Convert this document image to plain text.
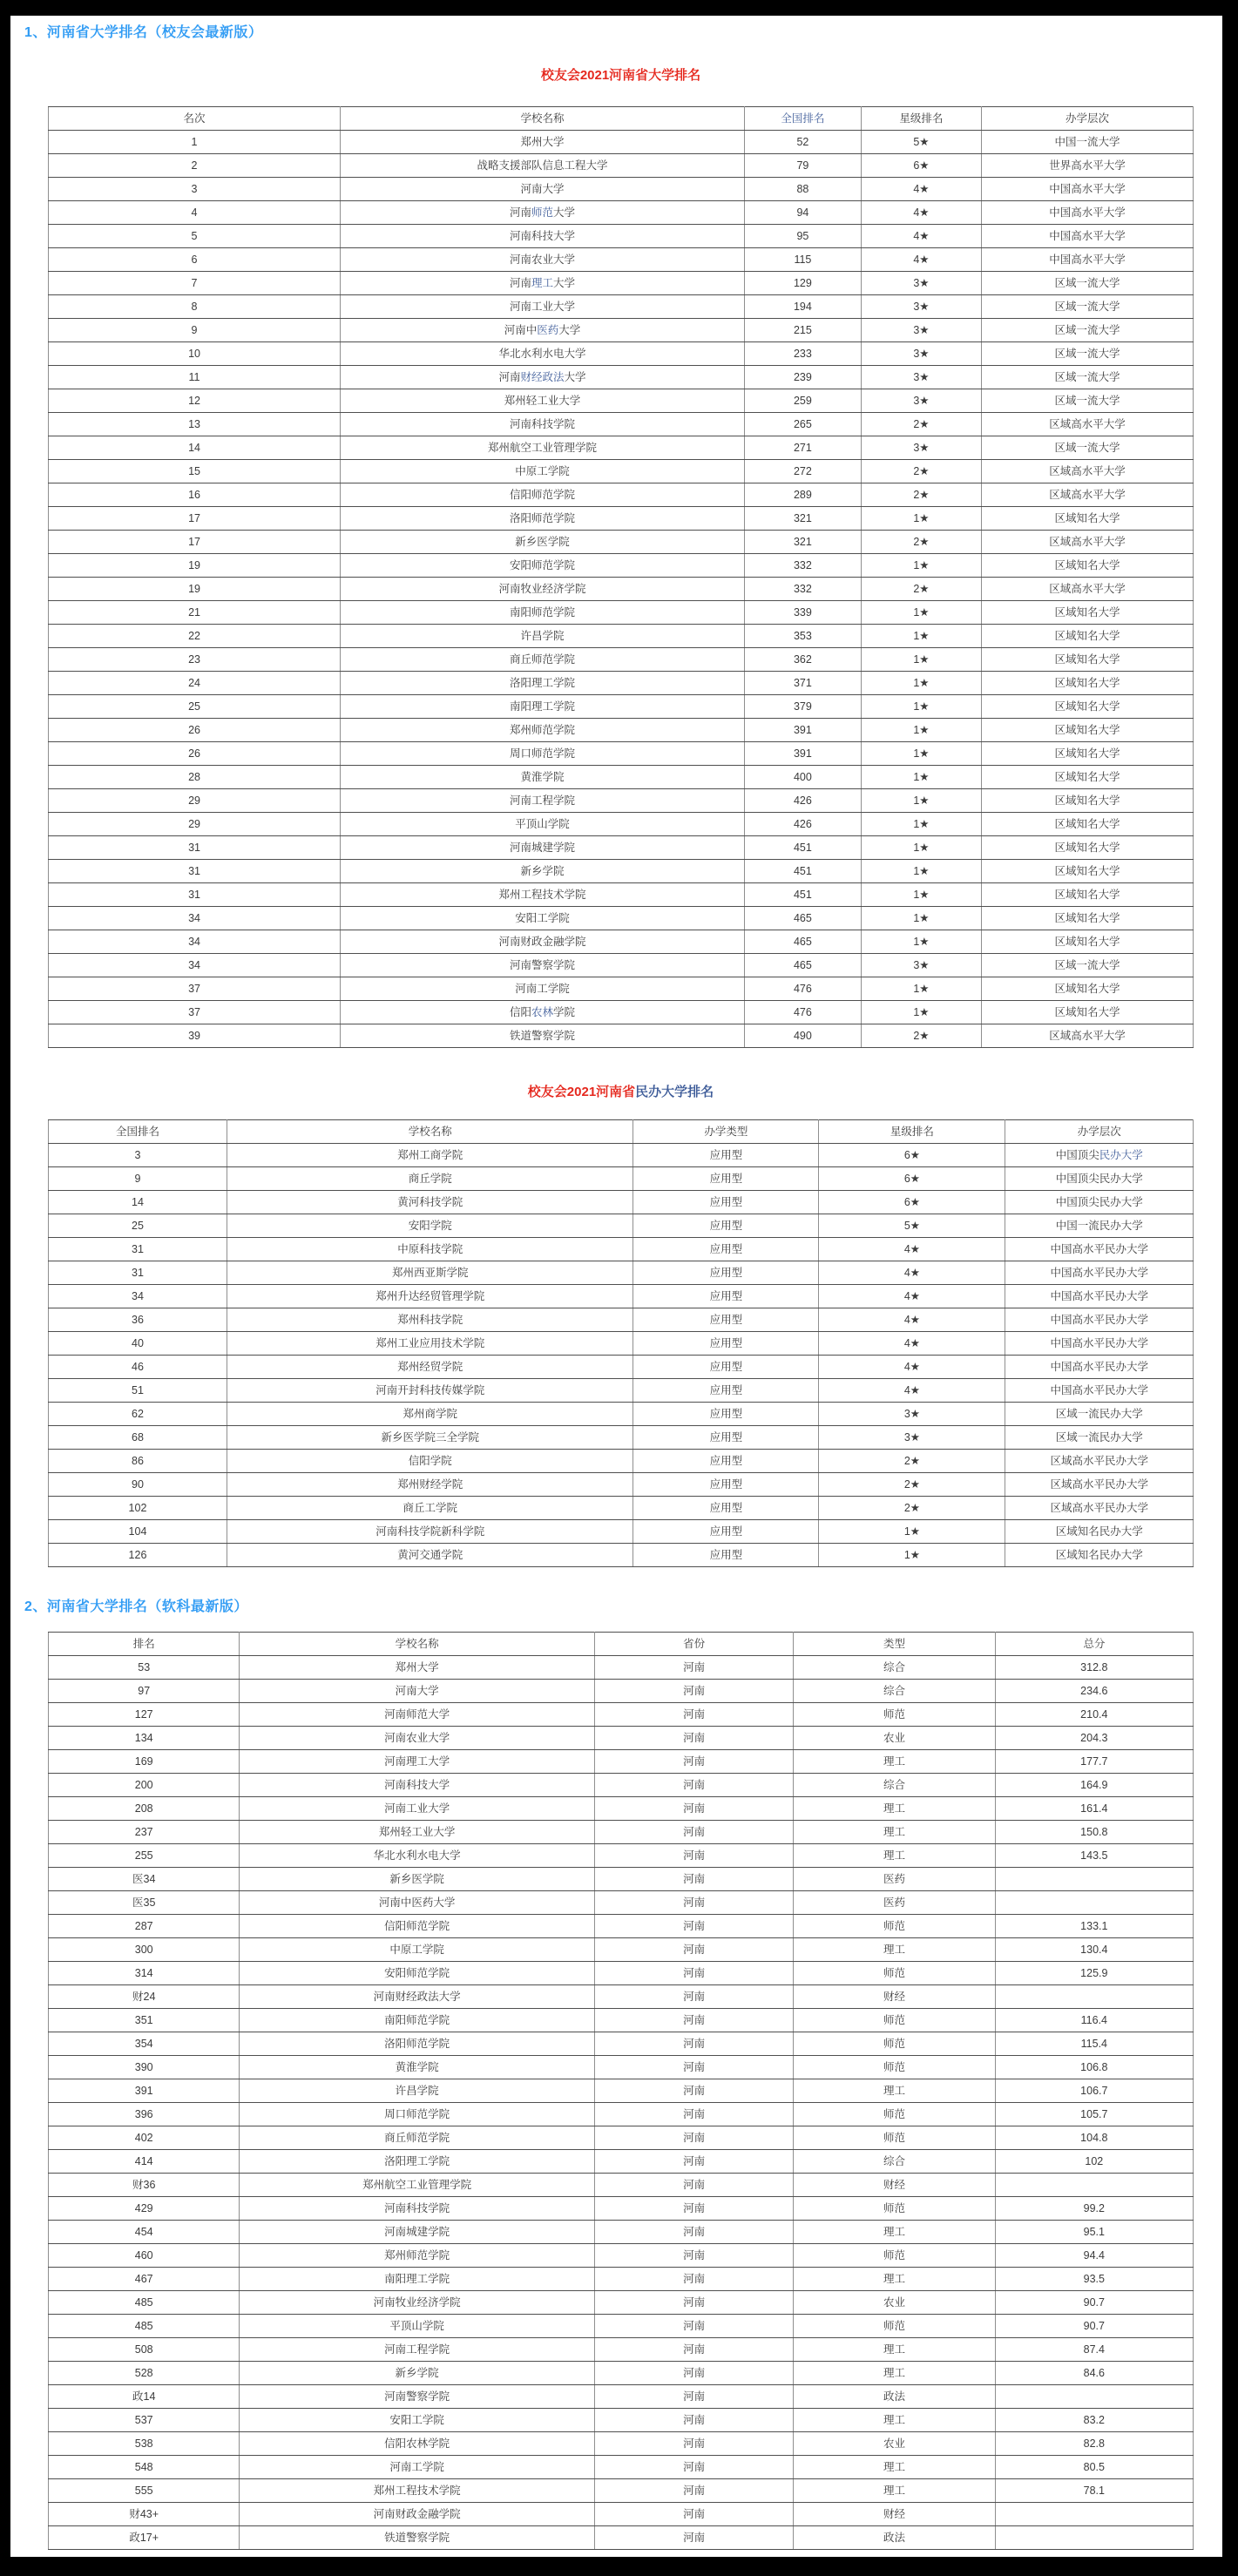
1、河南省大学排名（校友会最新版）
校友会2021河南省大学排名
名次	学校名称	全国排名	星级排名	办学层次
1	郑州大学	52	5★	中国一流大学
2	战略支援部队信息工程大学	79	6★	世界高水平大学
3	河南大学	88	4★	中国高水平大学
4	河南师范大学	94	4★	中国高水平大学
5	河南科技大学	95	4★	中国高水平大学
6	河南农业大学	115	4★	中国高水平大学
7	河南理工大学	129	3★	区域一流大学
8	河南工业大学	194	3★	区域一流大学
9	河南中医药大学	215	3★	区域一流大学
10	华北水利水电大学	233	3★	区域一流大学
11	河南财经政法大学	239	3★	区域一流大学
12	郑州轻工业大学	259	3★	区域一流大学
13	河南科技学院	265	2★	区域高水平大学
14	郑州航空工业管理学院	271	3★	区域一流大学
15	中原工学院	272	2★	区域高水平大学
16	信阳师范学院	289	2★	区域高水平大学
17	洛阳师范学院	321	1★	区域知名大学
17	新乡医学院	321	2★	区域高水平大学
19	安阳师范学院	332	1★	区域知名大学
19	河南牧业经济学院	332	2★	区域高水平大学
21	南阳师范学院	339	1★	区域知名大学
22	许昌学院	353	1★	区域知名大学
23	商丘师范学院	362	1★	区域知名大学
24	洛阳理工学院	371	1★	区域知名大学
25	南阳理工学院	379	1★	区域知名大学
26	郑州师范学院	391	1★	区域知名大学
26	周口师范学院	391	1★	区域知名大学
28	黄淮学院	400	1★	区域知名大学
29	河南工程学院	426	1★	区域知名大学
29	平顶山学院	426	1★	区域知名大学
31	河南城建学院	451	1★	区域知名大学
31	新乡学院	451	1★	区域知名大学
31	郑州工程技术学院	451	1★	区域知名大学
34	安阳工学院	465	1★	区域知名大学
34	河南财政金融学院	465	1★	区域知名大学
34	河南警察学院	465	3★	区域一流大学
37	河南工学院	476	1★	区域知名大学
37	信阳农林学院	476	1★	区域知名大学
39	铁道警察学院	490	2★	区域高水平大学
校友会2021河南省民办大学排名
全国排名	学校名称	办学类型	星级排名	办学层次
3	郑州工商学院	应用型	6★	中国顶尖民办大学
9	商丘学院	应用型	6★	中国顶尖民办大学
14	黄河科技学院	应用型	6★	中国顶尖民办大学
25	安阳学院	应用型	5★	中国一流民办大学
31	中原科技学院	应用型	4★	中国高水平民办大学
31	郑州西亚斯学院	应用型	4★	中国高水平民办大学
34	郑州升达经贸管理学院	应用型	4★	中国高水平民办大学
36	郑州科技学院	应用型	4★	中国高水平民办大学
40	郑州工业应用技术学院	应用型	4★	中国高水平民办大学
46	郑州经贸学院	应用型	4★	中国高水平民办大学
51	河南开封科技传媒学院	应用型	4★	中国高水平民办大学
62	郑州商学院	应用型	3★	区域一流民办大学
68	新乡医学院三全学院	应用型	3★	区域一流民办大学
86	信阳学院	应用型	2★	区域高水平民办大学
90	郑州财经学院	应用型	2★	区域高水平民办大学
102	商丘工学院	应用型	2★	区域高水平民办大学
104	河南科技学院新科学院	应用型	1★	区域知名民办大学
126	黄河交通学院	应用型	1★	区域知名民办大学
2、河南省大学排名（软科最新版）
排名	学校名称	省份	类型	总分
53	郑州大学	河南	综合	312.8
97	河南大学	河南	综合	234.6
127	河南师范大学	河南	师范	210.4
134	河南农业大学	河南	农业	204.3
169	河南理工大学	河南	理工	177.7
200	河南科技大学	河南	综合	164.9
208	河南工业大学	河南	理工	161.4
237	郑州轻工业大学	河南	理工	150.8
255	华北水利水电大学	河南	理工	143.5
医34	新乡医学院	河南	医药	
医35	河南中医药大学	河南	医药	
287	信阳师范学院	河南	师范	133.1
300	中原工学院	河南	理工	130.4
314	安阳师范学院	河南	师范	125.9
财24	河南财经政法大学	河南	财经	
351	南阳师范学院	河南	师范	116.4
354	洛阳师范学院	河南	师范	115.4
390	黄淮学院	河南	师范	106.8
391	许昌学院	河南	理工	106.7
396	周口师范学院	河南	师范	105.7
402	商丘师范学院	河南	师范	104.8
414	洛阳理工学院	河南	综合	102
财36	郑州航空工业管理学院	河南	财经	
429	河南科技学院	河南	师范	99.2
454	河南城建学院	河南	理工	95.1
460	郑州师范学院	河南	师范	94.4
467	南阳理工学院	河南	理工	93.5
485	河南牧业经济学院	河南	农业	90.7
485	平顶山学院	河南	师范	90.7
508	河南工程学院	河南	理工	87.4
528	新乡学院	河南	理工	84.6
政14	河南警察学院	河南	政法	
537	安阳工学院	河南	理工	83.2
538	信阳农林学院	河南	农业	82.8
548	河南工学院	河南	理工	80.5
555	郑州工程技术学院	河南	理工	78.1
财43+	河南财政金融学院	河南	财经	
政17+	铁道警察学院	河南	政法	
